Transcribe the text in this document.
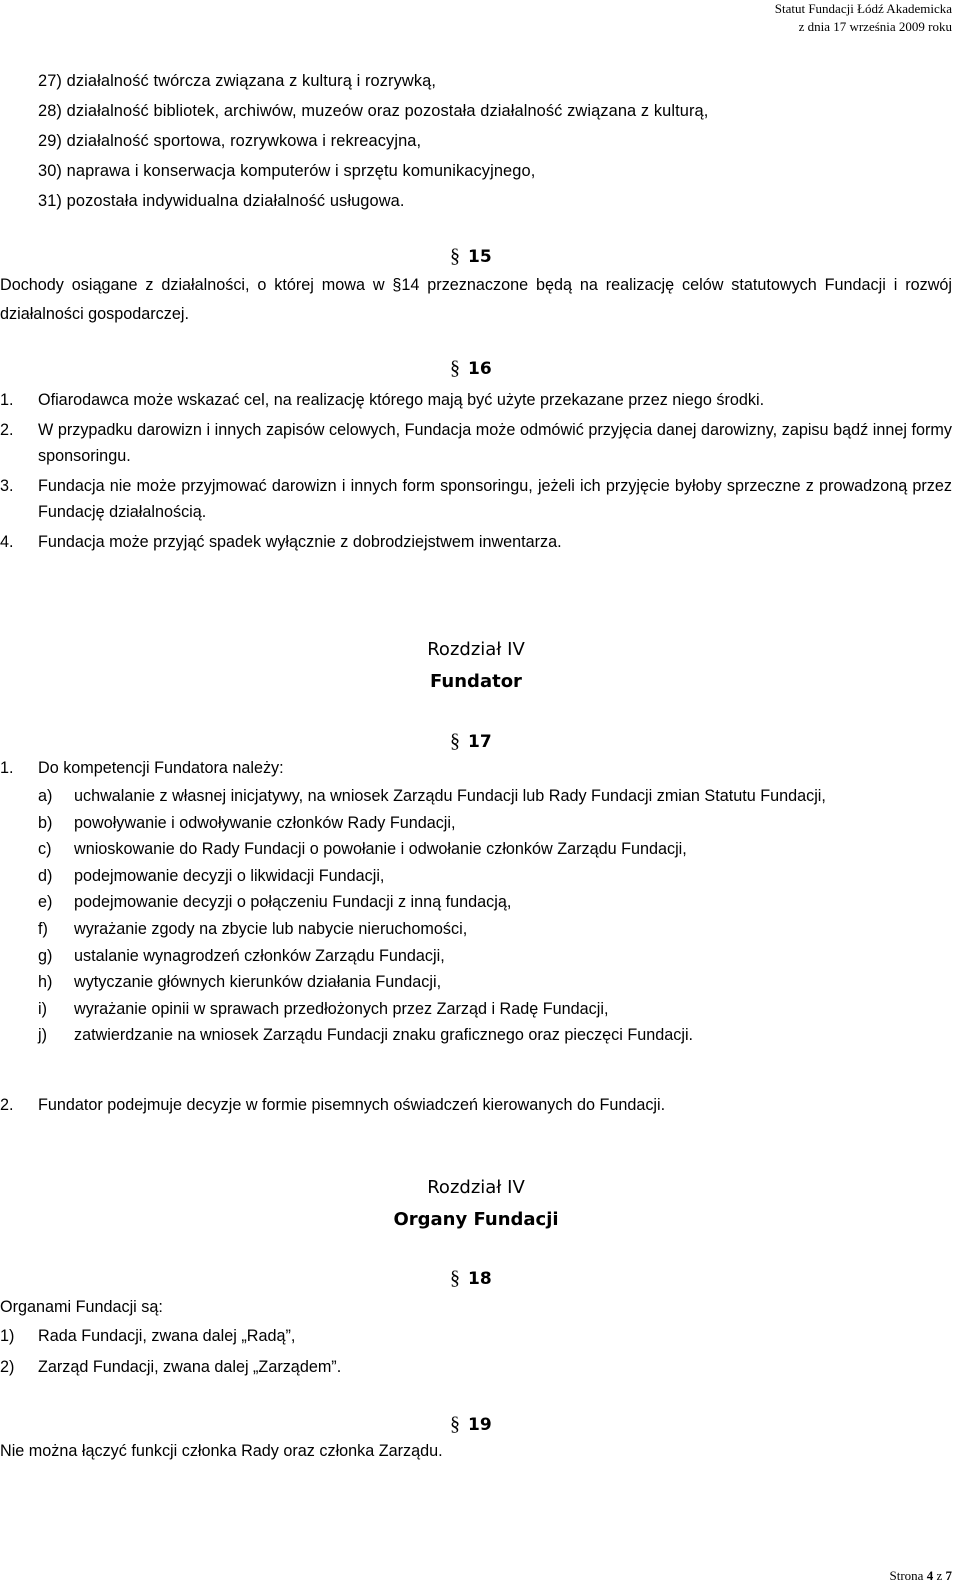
Statut Fundacji Łódź Akademicka
z dnia 17 września 2009 roku
27) działalność twórcza związana z kulturą i rozrywką,
28) działalność bibliotek, archiwów, muzeów oraz pozostała działalność związana z kulturą,
29) działalność sportowa, rozrywkowa i rekreacyjna,
30) naprawa i konserwacja komputerów i sprzętu komunikacyjnego,
31) pozostała indywidualna działalność usługowa.
§ 15

Dochody osiągane z działalności, o której mowa w §14 przeznaczone będą na realizację celów statutowych Fundacji i rozwój działalności gospodarczej.

§ 16
1.	Ofiarodawca może wskazać cel, na realizację którego mają być użyte przekazane przez niego środki.
2.	W przypadku darowizn i innych zapisów celowych, Fundacja może odmówić przyjęcia danej darowizny, zapisu bądź innej formy sponsoringu.
3.	Fundacja nie może przyjmować darowizn i innych form sponsoringu, jeżeli ich przyjęcie byłoby sprzeczne z prowadzoną przez Fundację działalnością.
4.	Fundacja może przyjąć spadek wyłącznie z dobrodziejstwem inwentarza.
Rozdział IV
Fundator
§ 17
1. Do kompetencji Fundatora należy:
a)	uchwalanie z własnej inicjatywy, na wniosek Zarządu Fundacji lub Rady Fundacji zmian Statutu Fundacji,
b)	powoływanie i odwoływanie członków Rady Fundacji,
c)	wnioskowanie do Rady Fundacji o powołanie i odwołanie członków Zarządu Fundacji,
d)	podejmowanie decyzji o likwidacji Fundacji,
e)	podejmowanie decyzji o połączeniu Fundacji z inną fundacją,
f)	wyrażanie zgody na zbycie lub nabycie nieruchomości,
g)	ustalanie wynagrodzeń członków Zarządu Fundacji,
h)	wytyczanie głównych kierunków działania Fundacji,
i)	wyrażanie opinii w sprawach przedłożonych przez Zarząd i Radę Fundacji,
j)	zatwierdzanie na wniosek Zarządu Fundacji znaku graficznego oraz pieczęci Fundacji.
2. Fundator podejmuje decyzje w formie pisemnych oświadczeń kierowanych do Fundacji.
Rozdział IV
Organy Fundacji
§ 18
Organami Fundacji są:
1) Rada Fundacji, zwana dalej „Radą”,
2) Zarząd Fundacji, zwana dalej „Zarządem”.
§ 19
Nie można łączyć funkcji członka Rady oraz członka Zarządu.
Strona 4 z 7
